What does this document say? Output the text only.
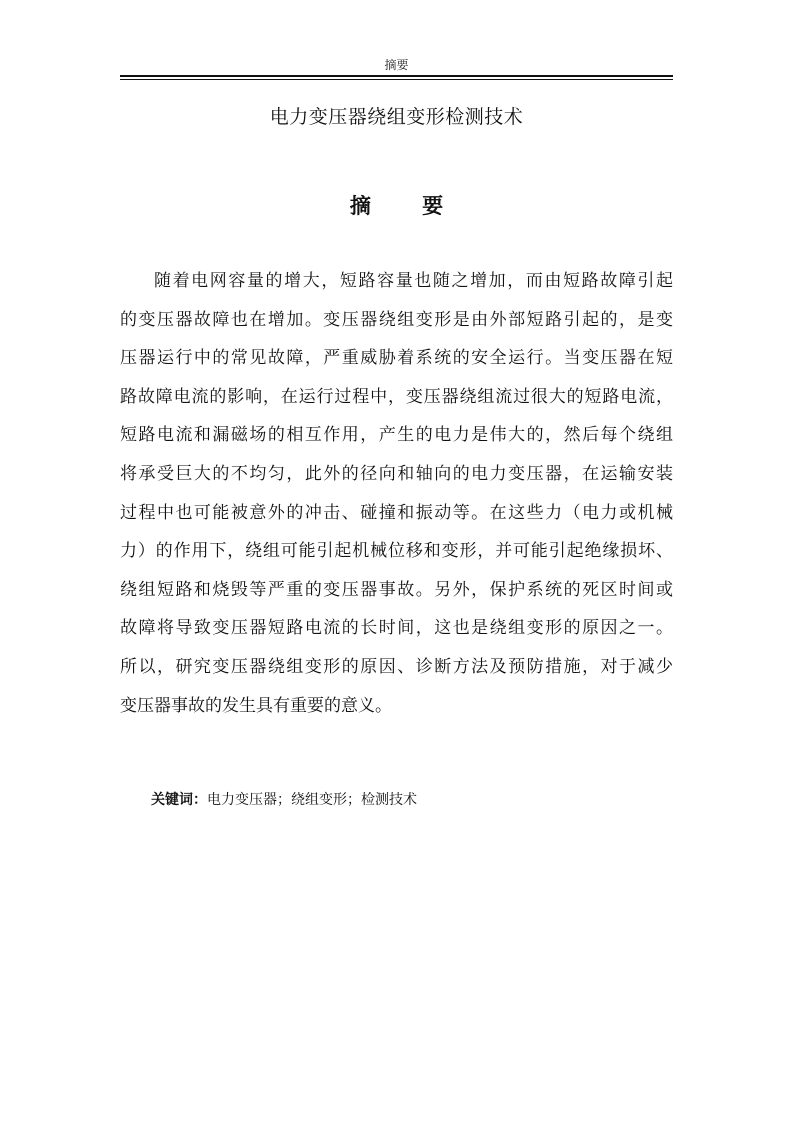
摘要
电力变压器绕组变形检测技术
摘 要
随着电网容量的增大，短路容量也随之增加，而由短路故障引起
的变压器故障也在增加。变压器绕组变形是由外部短路引起的，是变
压器运行中的常见故障，严重威胁着系统的安全运行。当变压器在短
路故障电流的影响，在运行过程中，变压器绕组流过很大的短路电流，
短路电流和漏磁场的相互作用，产生的电力是伟大的，然后每个绕组
将承受巨大的不均匀，此外的径向和轴向的电力变压器，在运输安装
过程中也可能被意外的冲击、碰撞和振动等。在这些力（电力或机械
力）的作用下，绕组可能引起机械位移和变形，并可能引起绝缘损坏、
绕组短路和烧毁等严重的变压器事故。另外，保护系统的死区时间或
故障将导致变压器短路电流的长时间，这也是绕组变形的原因之一。
所以，研究变压器绕组变形的原因、诊断方法及预防措施，对于减少
变压器事故的发生具有重要的意义。
关键词：电力变压器；绕组变形；检测技术
